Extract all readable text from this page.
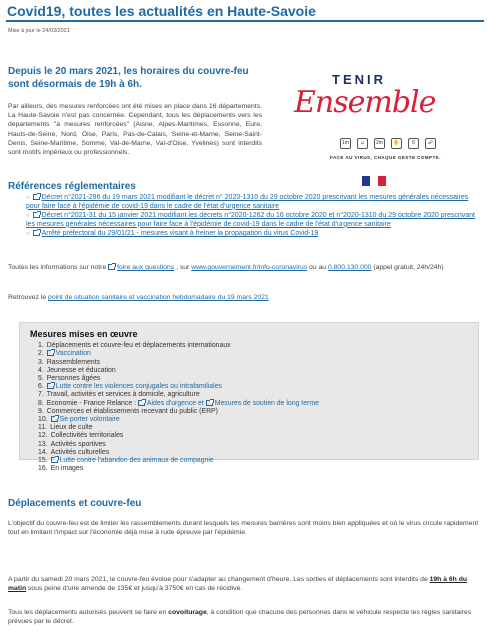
Covid19, toutes les actualités en Haute-Savoie
Mise à jour le 24/03/2021
Depuis le 20 mars 2021, les horaires du couvre-feu sont désormais de 19h à 6h.
Par ailleurs, des mesures renforcées ont été mises en place dans 16 départements. La Haute-Savoie n'est pas concernée. Cependant, tous les déplacements vers les départements "à mesures renforcées" (Aisne, Alpes-Maritimes, Essonne, Eure, Hauts-de-Seine, Nord, Oise, Paris, Pas-de-Calais, Seine-et-Marne, Seine-Saint-Denis, Seine-Maritime, Somme, Val-de-Marne, Val-d'Oise, Yvelines) sont interdits sont motifs impérieux ou professionnels.
TENIR
Ensemble
1m	☺	2m	✋	6	☍
FACE AU VIRUS, CHAQUE GESTE COMPTE.
Références réglementaires
○ Décret n°2021-296 du 19 mars 2021 modifiant le décret n° 2020-1310 du 29 octobre 2020 prescrivant les mesures générales nécessaires pour faire face à l'épidémie de covid-19 dans le cadre de l'état d'urgence sanitaire
○ Décret n°2021-31 du 15 janvier 2021 modifiant les décrets n°2020-1262 du 16 octobre 2020 et n°2020-1310 du 29 octobre 2020 prescrivant les mesures générales nécessaires pour faire face à l'épidémie de covid-19 dans le cadre de l'état d'urgence sanitaire
○ Arrêté préfectoral du 29/01/21 - mesures visant à freiner la propagation du virus Covid-19
Toutes les informations sur notre foire aux questions , sur www.gouvernement.fr/info-coronavirus ou au 0.800.130.000 (appel gratuit, 24h/24h)
Retrouvez le point de situation sanitaire et vaccination hebdomadaire du 19 mars 2021
Mesures mises en œuvre
1. Déplacements et couvre-feu et déplacements internationaux
2. Vaccination
3. Rassemblements
4. Jeunesse et éducation
5. Personnes âgées
6. Lutte contre les violences conjugales ou intrafamiliales
7. Travail, activités et services à domicile, agriculture
8. Economie - France Relance : Aides d'urgence et Mesures de soutien de long terme
9. Commerces et établissements recevant du public (ERP)
10. Se porter volontaire
11. Lieux de culte
12. Collectivités territoriales
13. Activités sportives
14. Activités culturelles
15. Lutte contre l'abandon des animaux de compagnie
16. En images
Déplacements et couvre-feu
L'objectif du couvre-feu est de limiter les rassemblements durant lesquels les mesures barrières sont moins bien appliquées et où le virus circule rapidement tout en limitant l'impact sur l'économie déjà mise à rude épreuve par l'épidémie.
A partir du samedi 20 mars 2021, le couvre-feu évolue pour s'adapter au changement d'heure. Les sorties et déplacements sont interdits de 19h à 6h du matin sous peine d'une amende de 135€ et jusqu'à 3750€ en cas de récidive.
Tous les déplacements autorisés peuvent se faire en covoiturage, à condition que chacune des personnes dans le véhicule respecte les règles sanitaires prévues par le décret.
